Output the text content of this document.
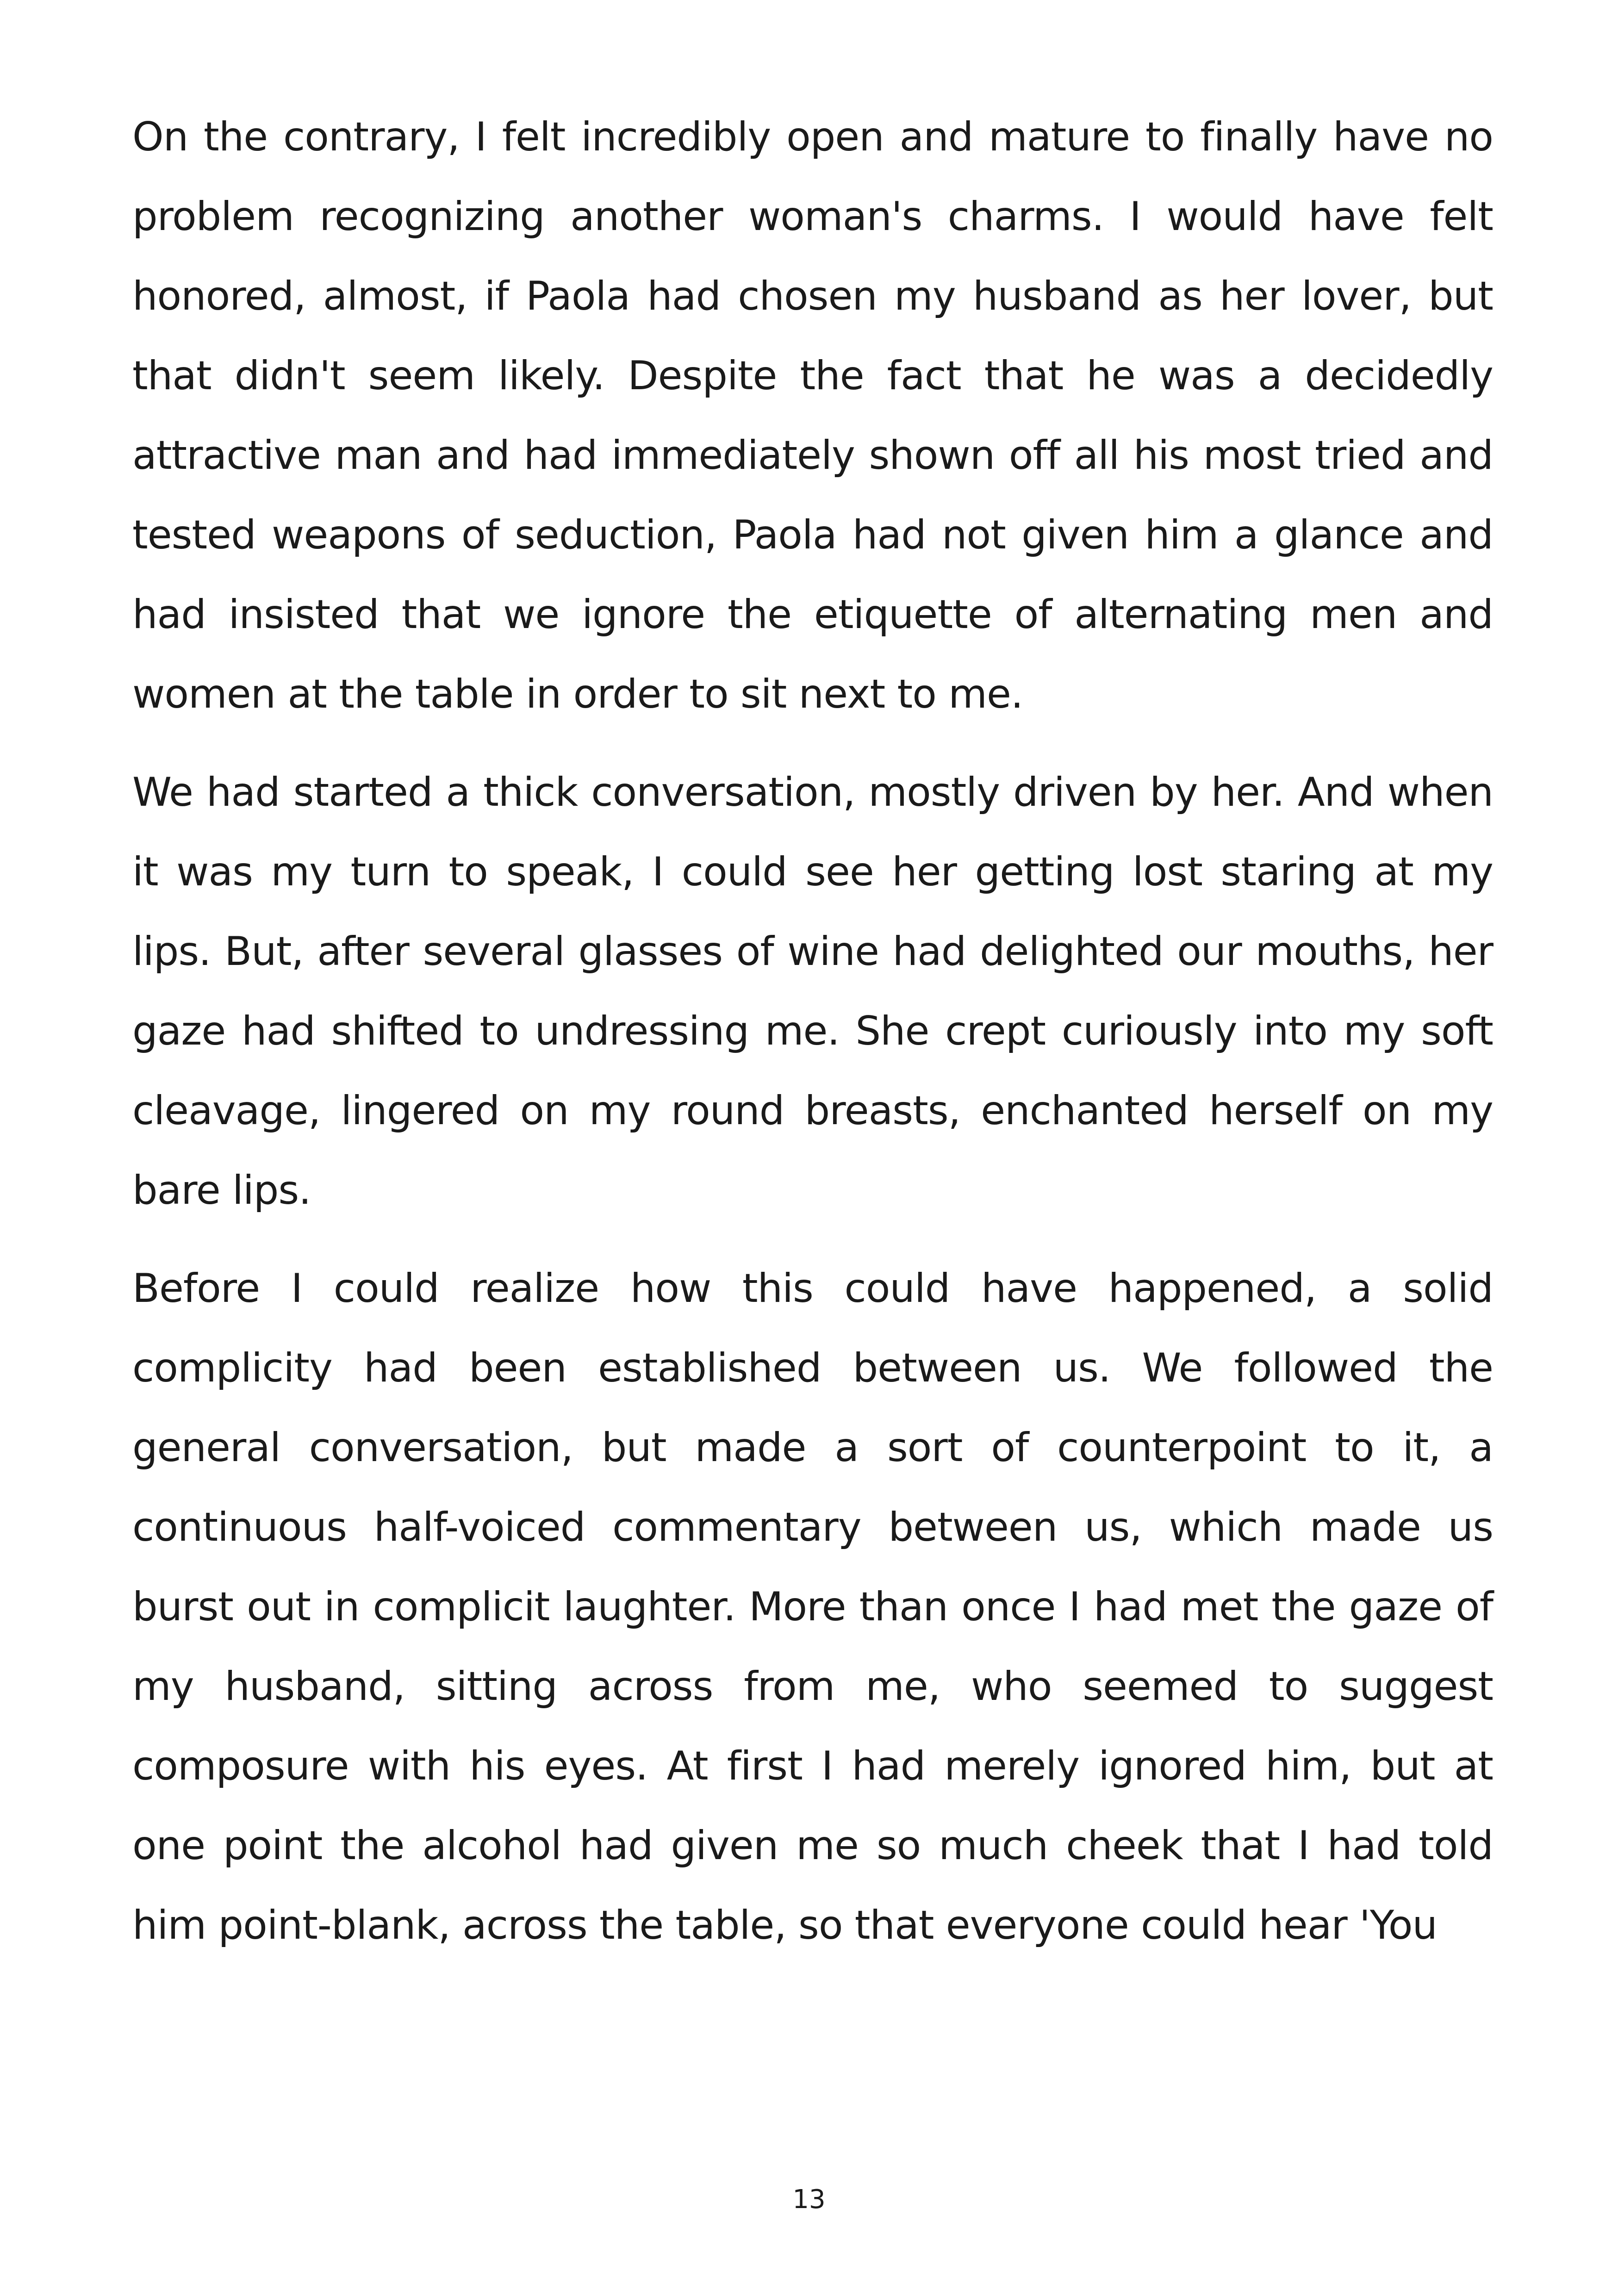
On the contrary, I felt incredibly open and mature to finally have no problem recognizing another woman's charms. I would have felt honored, almost, if Paola had chosen my husband as her lover, but that didn't seem likely. Despite the fact that he was a decidedly attractive man and had immediately shown off all his most tried and tested weapons of seduction, Paola had not given him a glance and had insisted that we ignore the etiquette of alternating men and women at the table in order to sit next to me.

We had started a thick conversation, mostly driven by her. And when it was my turn to speak, I could see her getting lost staring at my lips. But, after several glasses of wine had delighted our mouths, her gaze had shifted to undressing me. She crept curiously into my soft cleavage, lingered on my round breasts, enchanted herself on my bare lips.

Before I could realize how this could have happened, a solid complicity had been established between us. We followed the general conversation, but made a sort of counterpoint to it, a continuous half-voiced commentary between us, which made us burst out in complicit laughter. More than once I had met the gaze of my husband, sitting across from me, who seemed to suggest composure with his eyes. At first I had merely ignored him, but at one point the alcohol had given me so much cheek that I had told him point-blank, across the table, so that everyone could hear 'You

13
